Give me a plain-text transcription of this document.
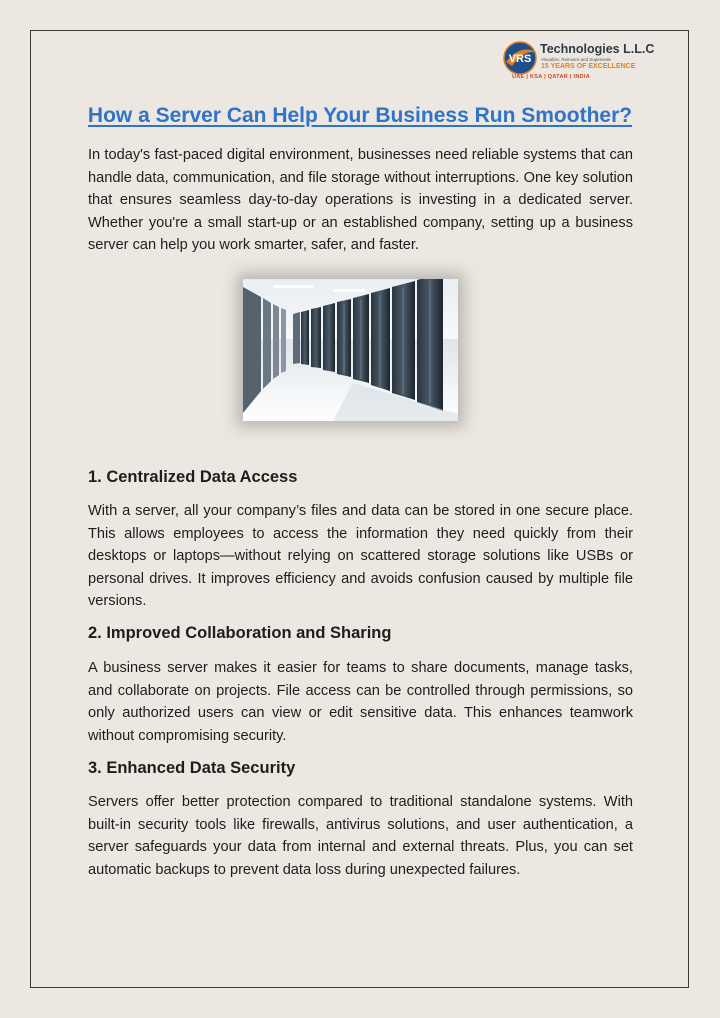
VRS
Technologies L.L.C
Visualize, Reinvent and Supersede
15 YEARS OF EXCELLENCE
UAE | KSA | QATAR | INDIA
How a Server Can Help Your Business Run Smoother?

In today's fast-paced digital environment, businesses need reliable systems that can handle data, communication, and file storage without interruptions. One key solution that ensures seamless day-to-day operations is investing in a dedicated server. Whether you're a small start-up or an established company, setting up a business server can help you work smarter, safer, and faster.

1. Centralized Data Access

With a server, all your company’s files and data can be stored in one secure place. This allows employees to access the information they need quickly from their desktops or laptops—without relying on scattered storage solutions like USBs or personal drives. It improves efficiency and avoids confusion caused by multiple file versions.

2. Improved Collaboration and Sharing

A business server makes it easier for teams to share documents, manage tasks, and collaborate on projects. File access can be controlled through permissions, so only authorized users can view or edit sensitive data. This enhances teamwork without compromising security.

3. Enhanced Data Security

Servers offer better protection compared to traditional standalone systems. With built-in security tools like firewalls, antivirus solutions, and user authentication, a server safeguards your data from internal and external threats. Plus, you can set automatic backups to prevent data loss during unexpected failures.
